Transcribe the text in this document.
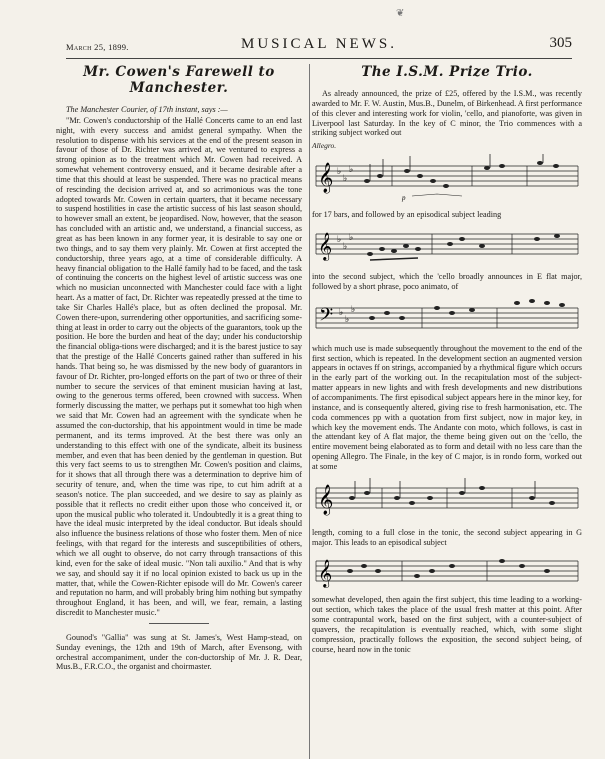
❦
March 25, 1899.	MUSICAL NEWS.	305
Mr. Cowen's Farewell to Manchester.

The Manchester Courier, of 17th instant, says :—

"Mr. Cowen's conductorship of the Hallé Concerts came to an end last night, with every success and amidst general sympathy. When the resolution to dispense with his services at the end of the present season in favour of those of Dr. Richter was arrived at, we ventured to express a strong opinion as to the treatment which Mr. Cowen had received. A somewhat vehement controversy ensued, and it became desirable after a time that this should at least be suspended. There was no practical means of rescinding the decision arrived at, and so acrimonious was the tone adopted towards Mr. Cowen in certain quarters, that it became necessary to suspend hostilities in case the artistic success of his last season should, to however small an extent, be jeopardised. Now, however, that the season has concluded with an artistic and, we understand, a financial success, as great as has been known in any former year, it is desirable to say one or two things, and to say them very plainly. Mr. Cowen at first accepted the conductorship, three years ago, at a time of considerable difficulty. A heavy financial obligation to the Hallé family had to be faced, and the task of continuing the concerts on the highest level of artistic success was one which no musician unconnected with Manchester could face with a light heart. As a matter of fact, Dr. Richter was repeatedly pressed at the time to take Sir Charles Hallé's place, but as often declined the proposal. Mr. Cowen there-upon, surrendering other opportunities, and sacrificing some-thing at least in order to carry out the objects of the guarantors, took up the position. He bore the burden and heat of the day; under his conductorship the financial obliga-tions were discharged; and it is the barest justice to say that the prestige of the Hallé Concerts gained rather than suffered in his hands. That being so, he was dismissed by the new body of guarantors in favour of Dr. Richter, pro-longed efforts on the part of two or three of their number to secure the services of that eminent musician having at last, owing to the generous terms offered, been crowned with success. When formerly discussing the matter, we perhaps put it somewhat too high when we said that Mr. Cowen had an agreement with the syndicate when he assumed the con-ductorship, that his appointment would in time be made permanent, and its terms improved. At the best there was only an understanding to this effect with one of the syndicate, albeit its business member, and even that has been denied by the gentleman in question. But this very fact seems to us to strengthen Mr. Cowen's position and claims, for it shows that all through there was a determination to deprive him of security of tenure, and, when the time was ripe, to cut him adrift at a season's notice. The plan succeeded, and we desire to say as plainly as possible that it reflects no credit either upon those who conceived it, or upon the musical public who tolerated it. Undoubtedly it is a great thing to have the ideal music interpreted by the ideal conductor. But ideals should also influence the business relations of those who foster them. Men of nice feelings, with that regard for the interests and susceptibilities of others, which we all ought to observe, do not carry through transactions of this kind, even for the sake of ideal music. "Non tali auxilio." And that is why we say, and should say it if no local opinion existed to back us up in the matter, that, while the Cowen-Richter episode will do Mr. Cowen's career and reputation no harm, and will probably bring him nothing but sympathy throughout England, it has been, and will, we fear, remain, a lasting discredit to Manchester music."

Gounod's "Gallia" was sung at St. James's, West Hamp-stead, on Sunday evenings, the 12th and 19th of March, after Evensong, with orchestral accompaniment, under the con-ductorship of Mr. J. R. Dear, Mus.B., F.R.C.O., the organist and choirmaster.

The I.S.M. Prize Trio.

As already announced, the prize of £25, offered by the I.S.M., was recently awarded to Mr. F. W. Austin, Mus.B., Dunelm, of Birkenhead. A first performance of this clever and interesting work for violin, 'cello, and pianoforte, was given in Liverpool last Saturday. In the key of C minor, the Trio commences with a striking subject worked out

Allegro.
𝄞 ♭
♭
♭
p

for 17 bars, and followed by an episodical subject leading

𝄞 ♭
♭
♭

into the second subject, which the 'cello broadly announces in E flat major, followed by a short phrase, poco animato, of

𝄢 ♭
♭
♭

which much use is made subsequently throughout the movement to the end of the first section, which is repeated. In the development section an augmented version appears in octaves ff on strings, accompanied by a rhythmical figure which occurs in the early part of the working out. In the recapitulation most of the subject-matter appears in new lights and with fresh developments and new distributions of accompaniments. The first episodical subject appears here in the minor key, for instance, and is consequently altered, giving rise to fresh harmonisation, etc. The coda commences pp with a quotation from first subject, now in major key, in which key the movement ends. The Andante con moto, which follows, is cast in the attendant key of A flat major, the theme being given out on the 'cello, the entire movement being elaborated as to form and detail with no less care than the opening Allegro. The Finale, in the key of C major, is in rondo form, worked out at some

𝄞

length, coming to a full close in the tonic, the second subject appearing in G major. This leads to an episodical subject

𝄞

somewhat developed, then again the first subject, this time leading to a working-out section, which takes the place of the usual fresh matter at this point. After some contrapuntal work, based on the first subject, with a counter-subject of quavers, the recapitulation is eventually reached, which, with some slight compression, practically follows the exposition, the second subject being, of course, heard now in the tonic
